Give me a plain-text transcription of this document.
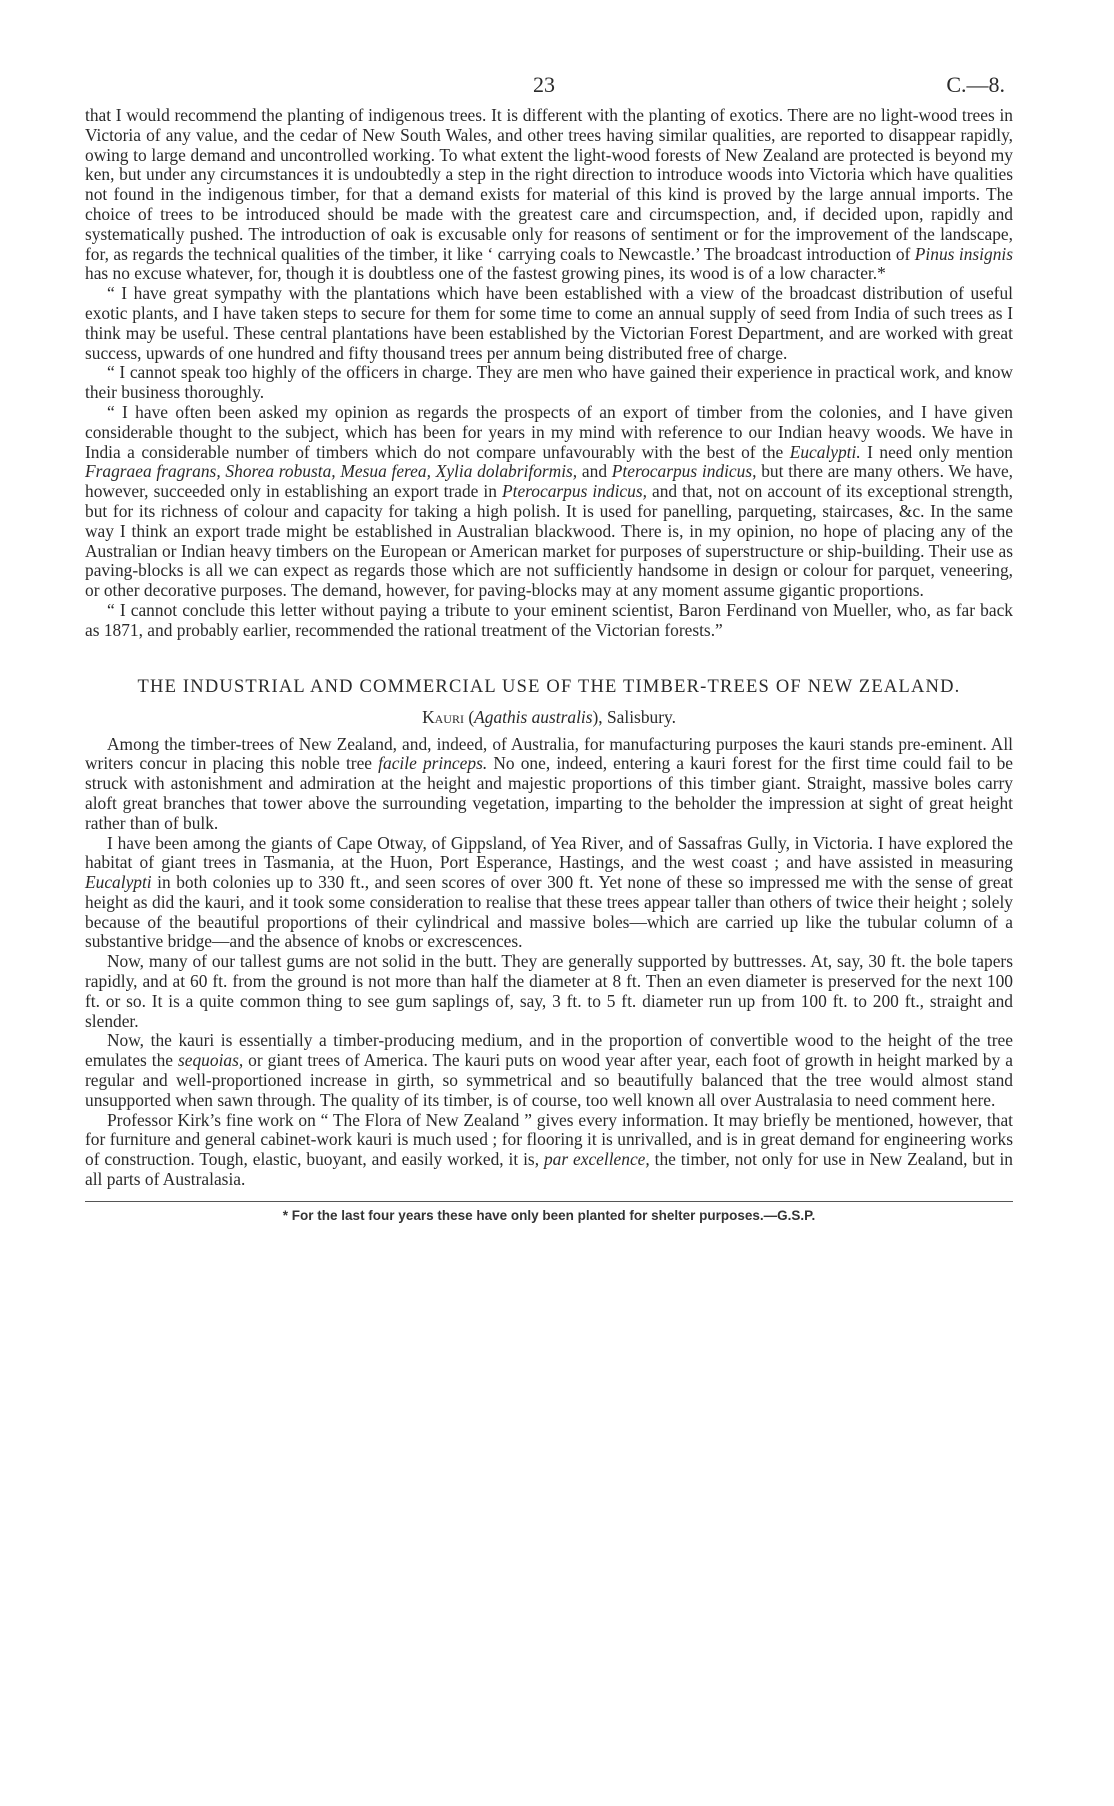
23	C.—8.

that I would recommend the planting of indigenous trees. It is different with the planting of exotics. There are no light-wood trees in Victoria of any value, and the cedar of New South Wales, and other trees having similar qualities, are reported to disappear rapidly, owing to large demand and uncontrolled working. To what extent the light-wood forests of New Zealand are protected is beyond my ken, but under any circumstances it is undoubtedly a step in the right direction to introduce woods into Victoria which have qualities not found in the indigenous timber, for that a demand exists for material of this kind is proved by the large annual imports. The choice of trees to be introduced should be made with the greatest care and circumspection, and, if decided upon, rapidly and systematically pushed. The introduction of oak is excusable only for reasons of sentiment or for the improvement of the landscape, for, as regards the technical qualities of the timber, it like ‘ carrying coals to Newcastle.’ The broadcast introduction of Pinus insignis has no excuse whatever, for, though it is doubtless one of the fastest growing pines, its wood is of a low character.*

“ I have great sympathy with the plantations which have been established with a view of the broadcast distribution of useful exotic plants, and I have taken steps to secure for them for some time to come an annual supply of seed from India of such trees as I think may be useful. These central plantations have been established by the Victorian Forest Department, and are worked with great success, upwards of one hundred and fifty thousand trees per annum being distributed free of charge.

“ I cannot speak too highly of the officers in charge. They are men who have gained their experience in practical work, and know their business thoroughly.

“ I have often been asked my opinion as regards the prospects of an export of timber from the colonies, and I have given considerable thought to the subject, which has been for years in my mind with reference to our Indian heavy woods. We have in India a considerable number of timbers which do not compare unfavourably with the best of the Eucalypti. I need only mention Fragraea fragrans, Shorea robusta, Mesua ferea, Xylia dolabriformis, and Pterocarpus indicus, but there are many others. We have, however, succeeded only in establishing an export trade in Pterocarpus indicus, and that, not on account of its exceptional strength, but for its richness of colour and capacity for taking a high polish. It is used for panelling, parqueting, staircases, &c. In the same way I think an export trade might be established in Australian blackwood. There is, in my opinion, no hope of placing any of the Australian or Indian heavy timbers on the European or American market for purposes of superstructure or ship-building. Their use as paving-blocks is all we can expect as regards those which are not sufficiently handsome in design or colour for parquet, veneering, or other decorative purposes. The demand, however, for paving-blocks may at any moment assume gigantic proportions.

“ I cannot conclude this letter without paying a tribute to your eminent scientist, Baron Ferdinand von Mueller, who, as far back as 1871, and probably earlier, recommended the rational treatment of the Victorian forests.”

THE INDUSTRIAL AND COMMERCIAL USE OF THE TIMBER-TREES OF NEW ZEALAND.
Kauri (Agathis australis), Salisbury.

Among the timber-trees of New Zealand, and, indeed, of Australia, for manufacturing purposes the kauri stands pre-eminent. All writers concur in placing this noble tree facile princeps. No one, indeed, entering a kauri forest for the first time could fail to be struck with astonishment and admiration at the height and majestic proportions of this timber giant. Straight, massive boles carry aloft great branches that tower above the surrounding vegetation, imparting to the beholder the impression at sight of great height rather than of bulk.

I have been among the giants of Cape Otway, of Gippsland, of Yea River, and of Sassafras Gully, in Victoria. I have explored the habitat of giant trees in Tasmania, at the Huon, Port Esperance, Hastings, and the west coast ; and have assisted in measuring Eucalypti in both colonies up to 330 ft., and seen scores of over 300 ft. Yet none of these so impressed me with the sense of great height as did the kauri, and it took some consideration to realise that these trees appear taller than others of twice their height ; solely because of the beautiful proportions of their cylindrical and massive boles—which are carried up like the tubular column of a substantive bridge—and the absence of knobs or excrescences.

Now, many of our tallest gums are not solid in the butt. They are generally supported by buttresses. At, say, 30 ft. the bole tapers rapidly, and at 60 ft. from the ground is not more than half the diameter at 8 ft. Then an even diameter is preserved for the next 100 ft. or so. It is a quite common thing to see gum saplings of, say, 3 ft. to 5 ft. diameter run up from 100 ft. to 200 ft., straight and slender.

Now, the kauri is essentially a timber-producing medium, and in the proportion of convertible wood to the height of the tree emulates the sequoias, or giant trees of America. The kauri puts on wood year after year, each foot of growth in height marked by a regular and well-proportioned increase in girth, so symmetrical and so beautifully balanced that the tree would almost stand unsupported when sawn through. The quality of its timber, is of course, too well known all over Australasia to need comment here.

Professor Kirk’s fine work on “ The Flora of New Zealand ” gives every information. It may briefly be mentioned, however, that for furniture and general cabinet-work kauri is much used ; for flooring it is unrivalled, and is in great demand for engineering works of construction. Tough, elastic, buoyant, and easily worked, it is, par excellence, the timber, not only for use in New Zealand, but in all parts of Australasia.

* For the last four years these have only been planted for shelter purposes.—G.S.P.
